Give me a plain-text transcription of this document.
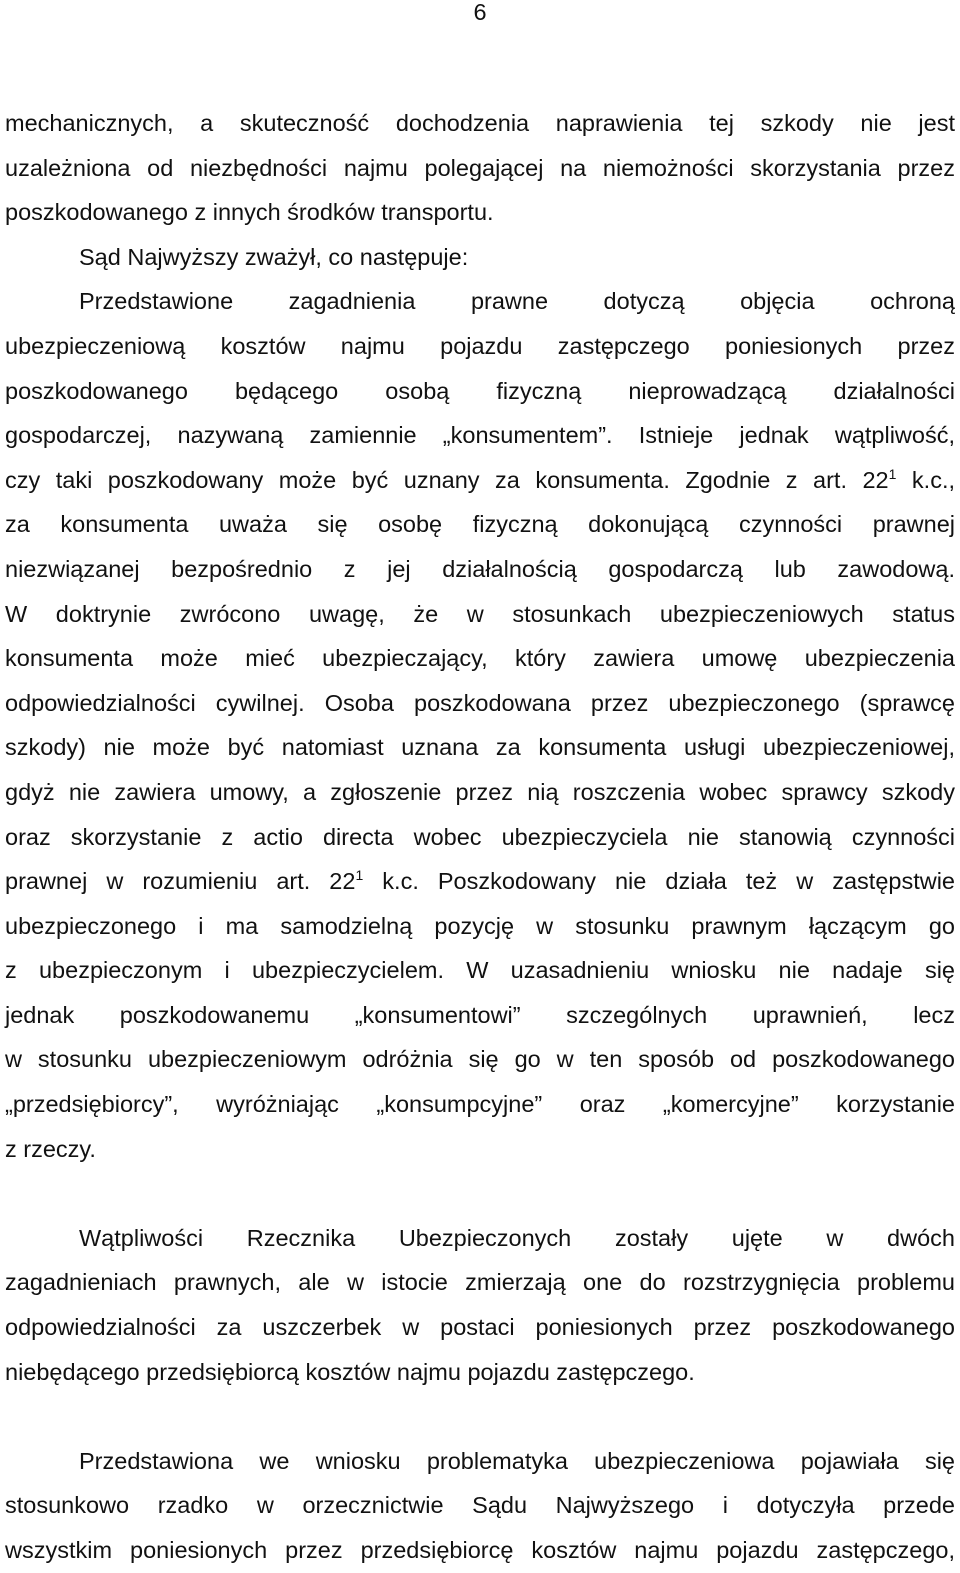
6
mechanicznych, a skuteczność dochodzenia naprawienia tej szkody nie jest
uzależniona od niezbędności najmu polegającej na niemożności skorzystania przez
poszkodowanego z innych środków transportu.
Sąd Najwyższy zważył, co następuje:
Przedstawione zagadnienia prawne dotyczą objęcia ochroną
ubezpieczeniową kosztów najmu pojazdu zastępczego poniesionych przez
poszkodowanego będącego osobą fizyczną nieprowadzącą działalności
gospodarczej, nazywaną zamiennie „konsumentem”. Istnieje jednak wątpliwość,
czy taki poszkodowany może być uznany za konsumenta. Zgodnie z art. $22^1$ k.c.,
za konsumenta uważa się osobę fizyczną dokonującą czynności prawnej
niezwiązanej bezpośrednio z jej działalnością gospodarczą lub zawodową.
W doktrynie zwrócono uwagę, że w stosunkach ubezpieczeniowych status
konsumenta może mieć ubezpieczający, który zawiera umowę ubezpieczenia
odpowiedzialności cywilnej. Osoba poszkodowana przez ubezpieczonego (sprawcę
szkody) nie może być natomiast uznana za konsumenta usługi ubezpieczeniowej,
gdyż nie zawiera umowy, a zgłoszenie przez nią roszczenia wobec sprawcy szkody
oraz skorzystanie z actio directa wobec ubezpieczyciela nie stanowią czynności
prawnej w rozumieniu art. $22^1$ k.c. Poszkodowany nie działa też w zastępstwie
ubezpieczonego i ma samodzielną pozycję w stosunku prawnym łączącym go
z ubezpieczonym i ubezpieczycielem. W uzasadnieniu wniosku nie nadaje się
jednak poszkodowanemu „konsumentowi” szczególnych uprawnień, lecz
w stosunku ubezpieczeniowym odróżnia się go w ten sposób od poszkodowanego
„przedsiębiorcy”, wyróżniając „konsumpcyjne” oraz „komercyjne” korzystanie
z rzeczy.
Wątpliwości Rzecznika Ubezpieczonych zostały ujęte w dwóch
zagadnieniach prawnych, ale w istocie zmierzają one do rozstrzygnięcia problemu
odpowiedzialności za uszczerbek w postaci poniesionych przez poszkodowanego
niebędącego przedsiębiorcą kosztów najmu pojazdu zastępczego.
Przedstawiona we wniosku problematyka ubezpieczeniowa pojawiała się
stosunkowo rzadko w orzecznictwie Sądu Najwyższego i dotyczyła przede
wszystkim poniesionych przez przedsiębiorcę kosztów najmu pojazdu zastępczego,
